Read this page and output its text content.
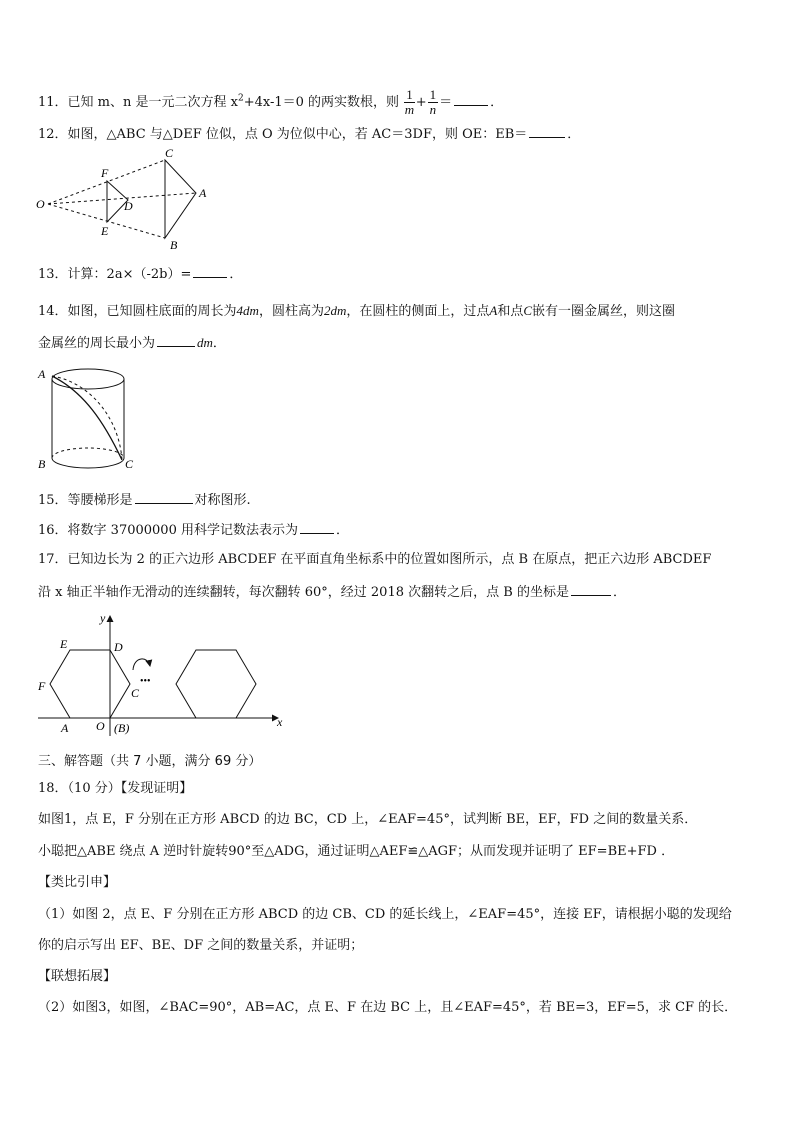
11．已知 m、n 是一元二次方程 $x^2+4x-1=0$ 的两实数根，则 $\frac{1}{m} + \frac{1}{n}$ ＝	．
12．如图，△ABC 与△DEF 位似，点 O 为位似中心，若 AC＝3DF，则 OE：EB＝	．
O
F
D
E
C
A
B
13．计算：2a×（-2b）=	．
14．如图，已知圆柱底面的周长为4dm，圆柱高为2dm，在圆柱的侧面上，过点A和点C嵌有一圈金属丝，则这圈
金属丝的周长最小为	dm．
A
B	C
15．等腰梯形是	对称图形.
16．将数字 37000000 用科学记数法表示为	．
17．已知边长为 2 的正六边形 ABCDEF 在平面直角坐标系中的位置如图所示，点 B 在原点，把正六边形 ABCDEF
沿 x 轴正半轴作无滑动的连续翻转，每次翻转 60°，经过 2018 次翻转之后，点 B 的坐标是	．
y
x
E	D
F	C
A O (B)
•••
三、解答题（共 7 小题，满分 69 分）
18．（10 分）【发现证明】
如图1，点 E，F 分别在正方形 ABCD 的边 BC，CD 上，∠EAF=45°，试判断 BE，EF，FD 之间的数量关系．
小聪把△ABE 绕点 A 逆时针旋转90°至△ADG，通过证明△AEF≌△AGF；从而发现并证明了 EF=BE+FD ．
【类比引申】
（1）如图 2，点 E、F 分别在正方形 ABCD 的边 CB、CD 的延长线上，∠EAF=45°，连接 EF，请根据小聪的发现给
你的启示写出 EF、BE、DF 之间的数量关系，并证明；
【联想拓展】
（2）如图3，如图，∠BAC=90°，AB=AC，点 E、F 在边 BC 上，且∠EAF=45°，若 BE=3，EF=5，求 CF 的长．
